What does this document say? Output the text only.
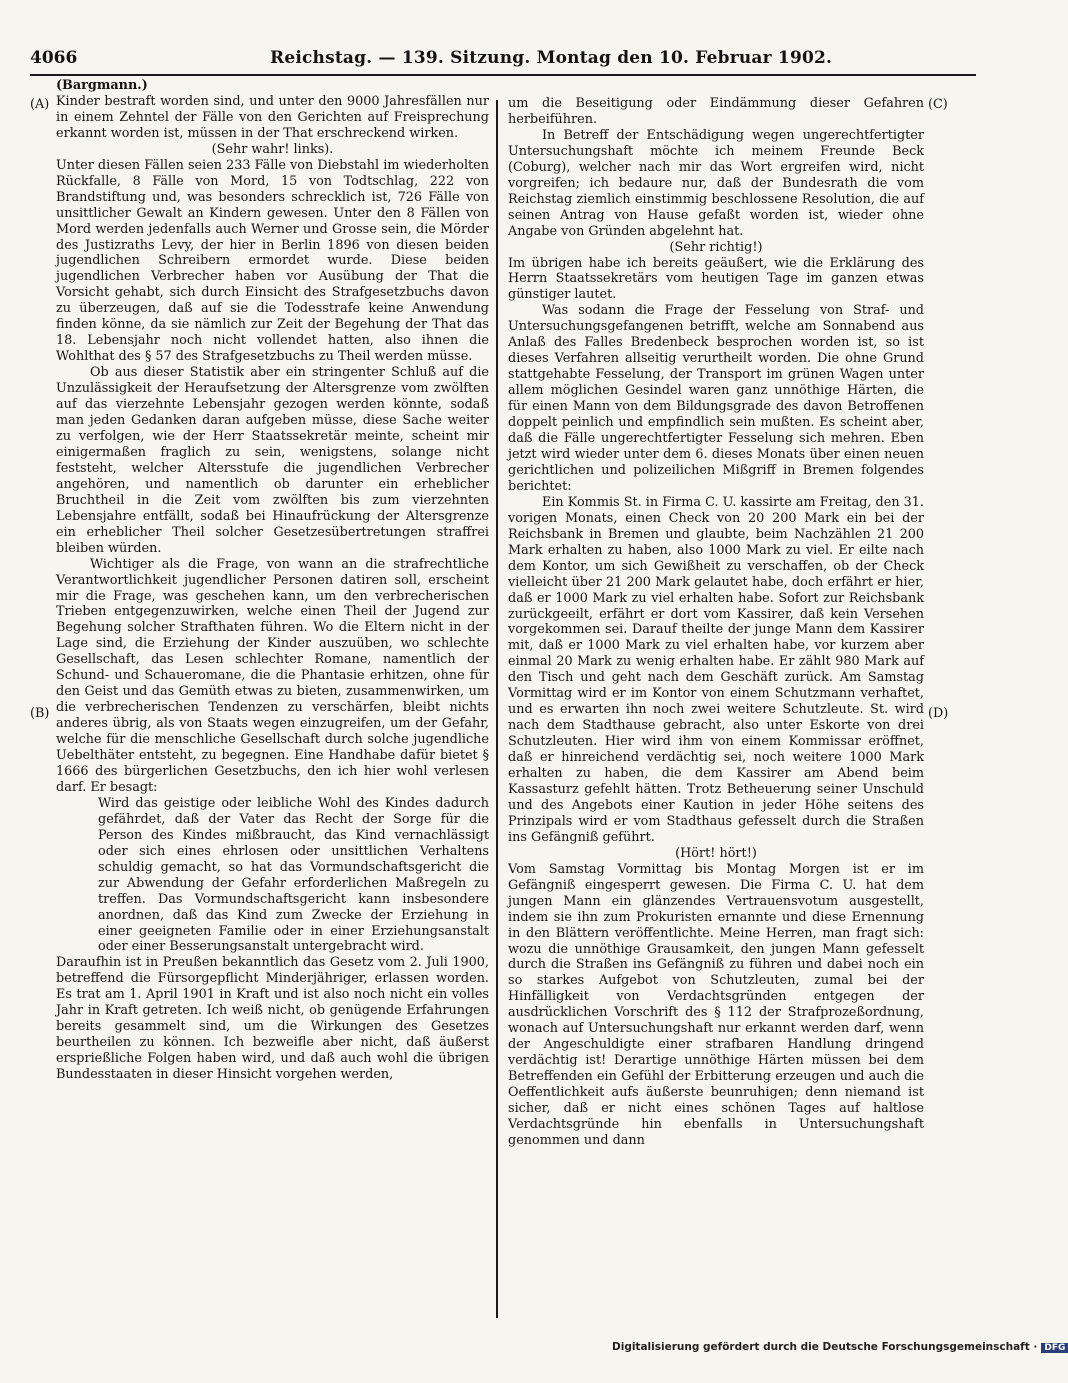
4066	Reichstag. — 139. Sitzung. Montag den 10. Februar 1902.
(A)
(B)
(C)
(D)

(Bargmann.)

Kinder bestraft worden sind, und unter den 9000 Jahresfällen nur in einem Zehntel der Fälle von den Gerichten auf Freisprechung erkannt worden ist, müssen in der That erschreckend wirken.

(Sehr wahr! links).

Unter diesen Fällen seien 233 Fälle von Diebstahl im wiederholten Rückfalle, 8 Fälle von Mord, 15 von Todtschlag, 222 von Brandstiftung und, was besonders schrecklich ist, 726 Fälle von unsittlicher Gewalt an Kindern gewesen. Unter den 8 Fällen von Mord werden jedenfalls auch Werner und Grosse sein, die Mörder des Justizraths Levy, der hier in Berlin 1896 von diesen beiden jugendlichen Schreibern ermordet wurde. Diese beiden jugendlichen Verbrecher haben vor Ausübung der That die Vorsicht gehabt, sich durch Einsicht des Strafgesetzbuchs davon zu überzeugen, daß auf sie die Todesstrafe keine Anwendung finden könne, da sie nämlich zur Zeit der Begehung der That das 18. Lebensjahr noch nicht vollendet hatten, also ihnen die Wohlthat des § 57 des Strafgesetzbuchs zu Theil werden müsse.

Ob aus dieser Statistik aber ein stringenter Schluß auf die Unzulässigkeit der Heraufsetzung der Altersgrenze vom zwölften auf das vierzehnte Lebensjahr gezogen werden könnte, sodaß man jeden Gedanken daran aufgeben müsse, diese Sache weiter zu verfolgen, wie der Herr Staatssekretär meinte, scheint mir einigermaßen fraglich zu sein, wenigstens, solange nicht feststeht, welcher Altersstufe die jugendlichen Verbrecher angehören, und namentlich ob darunter ein erheblicher Bruchtheil in die Zeit vom zwölften bis zum vierzehnten Lebensjahre entfällt, sodaß bei Hinaufrückung der Altersgrenze ein erheblicher Theil solcher Gesetzesübertretungen straffrei bleiben würden.

Wichtiger als die Frage, von wann an die strafrechtliche Verantwortlichkeit jugendlicher Personen datiren soll, erscheint mir die Frage, was geschehen kann, um den verbrecherischen Trieben entgegenzuwirken, welche einen Theil der Jugend zur Begehung solcher Strafthaten führen. Wo die Eltern nicht in der Lage sind, die Erziehung der Kinder auszuüben, wo schlechte Gesellschaft, das Lesen schlechter Romane, namentlich der Schund- und Schaueromane, die die Phantasie erhitzen, ohne für den Geist und das Gemüth etwas zu bieten, zusammenwirken, um die verbrecherischen Tendenzen zu verschärfen, bleibt nichts anderes übrig, als von Staats wegen einzugreifen, um der Gefahr, welche für die menschliche Gesellschaft durch solche jugendliche Uebelthäter entsteht, zu begegnen. Eine Handhabe dafür bietet § 1666 des bürgerlichen Gesetzbuchs, den ich hier wohl verlesen darf. Er besagt:

Wird das geistige oder leibliche Wohl des Kindes dadurch gefährdet, daß der Vater das Recht der Sorge für die Person des Kindes mißbraucht, das Kind vernachlässigt oder sich eines ehrlosen oder unsittlichen Verhaltens schuldig gemacht, so hat das Vormundschaftsgericht die zur Abwendung der Gefahr erforderlichen Maßregeln zu treffen. Das Vormundschaftsgericht kann insbesondere anordnen, daß das Kind zum Zwecke der Erziehung in einer geeigneten Familie oder in einer Erziehungsanstalt oder einer Besserungsanstalt untergebracht wird.

Daraufhin ist in Preußen bekanntlich das Gesetz vom 2. Juli 1900, betreffend die Fürsorgepflicht Minderjähriger, erlassen worden. Es trat am 1. April 1901 in Kraft und ist also noch nicht ein volles Jahr in Kraft getreten. Ich weiß nicht, ob genügende Erfahrungen bereits gesammelt sind, um die Wirkungen des Gesetzes beurtheilen zu können. Ich bezweifle aber nicht, daß äußerst ersprießliche Folgen haben wird, und daß auch wohl die übrigen Bundesstaaten in dieser Hinsicht vorgehen werden,

um die Beseitigung oder Eindämmung dieser Gefahren herbeiführen.

In Betreff der Entschädigung wegen ungerechtfertigter Untersuchungshaft möchte ich meinem Freunde Beck (Coburg), welcher nach mir das Wort ergreifen wird, nicht vorgreifen; ich bedaure nur, daß der Bundesrath die vom Reichstag ziemlich einstimmig beschlossene Resolution, die auf seinen Antrag von Hause gefaßt worden ist, wieder ohne Angabe von Gründen abgelehnt hat.

(Sehr richtig!)

Im übrigen habe ich bereits geäußert, wie die Erklärung des Herrn Staatssekretärs vom heutigen Tage im ganzen etwas günstiger lautet.

Was sodann die Frage der Fesselung von Straf- und Untersuchungsgefangenen betrifft, welche am Sonnabend aus Anlaß des Falles Bredenbeck besprochen worden ist, so ist dieses Verfahren allseitig verurtheilt worden. Die ohne Grund stattgehabte Fesselung, der Transport im grünen Wagen unter allem möglichen Gesindel waren ganz unnöthige Härten, die für einen Mann von dem Bildungsgrade des davon Betroffenen doppelt peinlich und empfindlich sein mußten. Es scheint aber, daß die Fälle ungerechtfertigter Fesselung sich mehren. Eben jetzt wird wieder unter dem 6. dieses Monats über einen neuen gerichtlichen und polizeilichen Mißgriff in Bremen folgendes berichtet:

Ein Kommis St. in Firma C. U. kassirte am Freitag, den 31. vorigen Monats, einen Check von 20 200 Mark ein bei der Reichsbank in Bremen und glaubte, beim Nachzählen 21 200 Mark erhalten zu haben, also 1000 Mark zu viel. Er eilte nach dem Kontor, um sich Gewißheit zu verschaffen, ob der Check vielleicht über 21 200 Mark gelautet habe, doch erfährt er hier, daß er 1000 Mark zu viel erhalten habe. Sofort zur Reichsbank zurückgeeilt, erfährt er dort vom Kassirer, daß kein Versehen vorgekommen sei. Darauf theilte der junge Mann dem Kassirer mit, daß er 1000 Mark zu viel erhalten habe, vor kurzem aber einmal 20 Mark zu wenig erhalten habe. Er zählt 980 Mark auf den Tisch und geht nach dem Geschäft zurück. Am Samstag Vormittag wird er im Kontor von einem Schutzmann verhaftet, und es erwarten ihn noch zwei weitere Schutzleute. St. wird nach dem Stadthause gebracht, also unter Eskorte von drei Schutzleuten. Hier wird ihm von einem Kommissar eröffnet, daß er hinreichend verdächtig sei, noch weitere 1000 Mark erhalten zu haben, die dem Kassirer am Abend beim Kassasturz gefehlt hätten. Trotz Betheuerung seiner Unschuld und des Angebots einer Kaution in jeder Höhe seitens des Prinzipals wird er vom Stadthaus gefesselt durch die Straßen ins Gefängniß geführt.

(Hört! hört!)

Vom Samstag Vormittag bis Montag Morgen ist er im Gefängniß eingesperrt gewesen. Die Firma C. U. hat dem jungen Mann ein glänzendes Vertrauensvotum ausgestellt, indem sie ihn zum Prokuristen ernannte und diese Ernennung in den Blättern veröffentlichte. Meine Herren, man fragt sich: wozu die unnöthige Grausamkeit, den jungen Mann gefesselt durch die Straßen ins Gefängniß zu führen und dabei noch ein so starkes Aufgebot von Schutzleuten, zumal bei der Hinfälligkeit von Verdachtsgründen entgegen der ausdrücklichen Vorschrift des § 112 der Strafprozeßordnung, wonach auf Untersuchungshaft nur erkannt werden darf, wenn der Angeschuldigte einer strafbaren Handlung dringend verdächtig ist! Derartige unnöthige Härten müssen bei dem Betreffenden ein Gefühl der Erbitterung erzeugen und auch die Oeffentlichkeit aufs äußerste beunruhigen; denn niemand ist sicher, daß er nicht eines schönen Tages auf haltlose Verdachtsgründe hin ebenfalls in Untersuchungshaft genommen und dann

Digitalisierung gefördert durch die Deutsche Forschungsgemeinschaft · DFG
